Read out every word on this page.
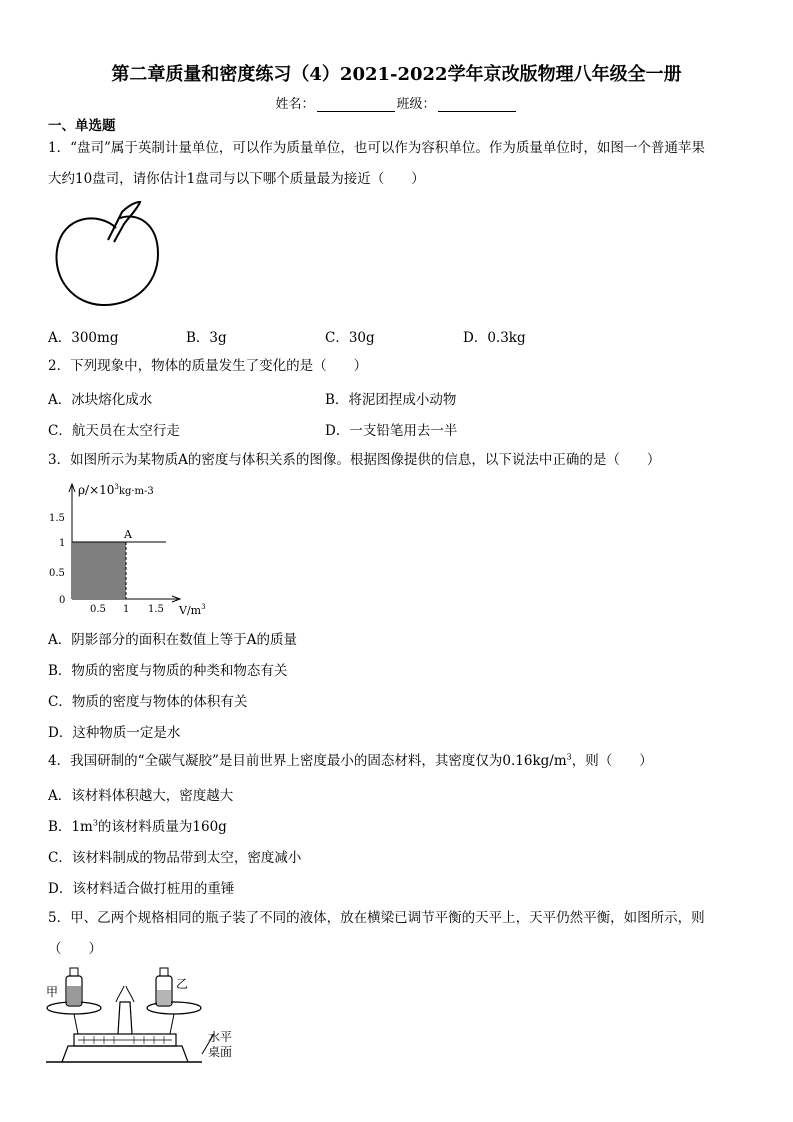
第二章质量和密度练习（4）2021-2022学年京改版物理八年级全一册
姓名：	班级：
一、单选题
1．“盘司”属于英制计量单位，可以作为质量单位，也可以作为容积单位。作为质量单位时，如图一个普通苹果
大约10盘司，请你估计1盘司与以下哪个质量最为接近（　　）
A．300mg	B．3g	C．30g	D．0.3kg
2．下列现象中，物体的质量发生了变化的是（　　）
A．冰块熔化成水	B．将泥团捏成小动物
C．航天员在太空行走	D．一支铅笔用去一半
3．如图所示为某物质A的密度与体积关系的图像。根据图像提供的信息，以下说法中正确的是（　　）
$\rho/\times 10^3_{kg\cdot m-3}$
A
1.5
1
0.5
0
0.5 1 1.5 $V/m^3$
A．阴影部分的面积在数值上等于A的质量
B．物质的密度与物质的种类和物态有关
C．物质的密度与物体的体积有关
D．这种物质一定是水
4．我国研制的“全碳气凝胶”是目前世界上密度最小的固态材料，其密度仅为$0.16kg/m^3$，则（　　）
A．该材料体积越大，密度越大
B．$1m^3$的该材料质量为160g
C．该材料制成的物品带到太空，密度减小
D．该材料适合做打桩用的重锤
5．甲、乙两个规格相同的瓶子装了不同的液体，放在横梁已调节平衡的天平上，天平仍然平衡，如图所示，则
（　　）
甲
乙
水平
桌面
